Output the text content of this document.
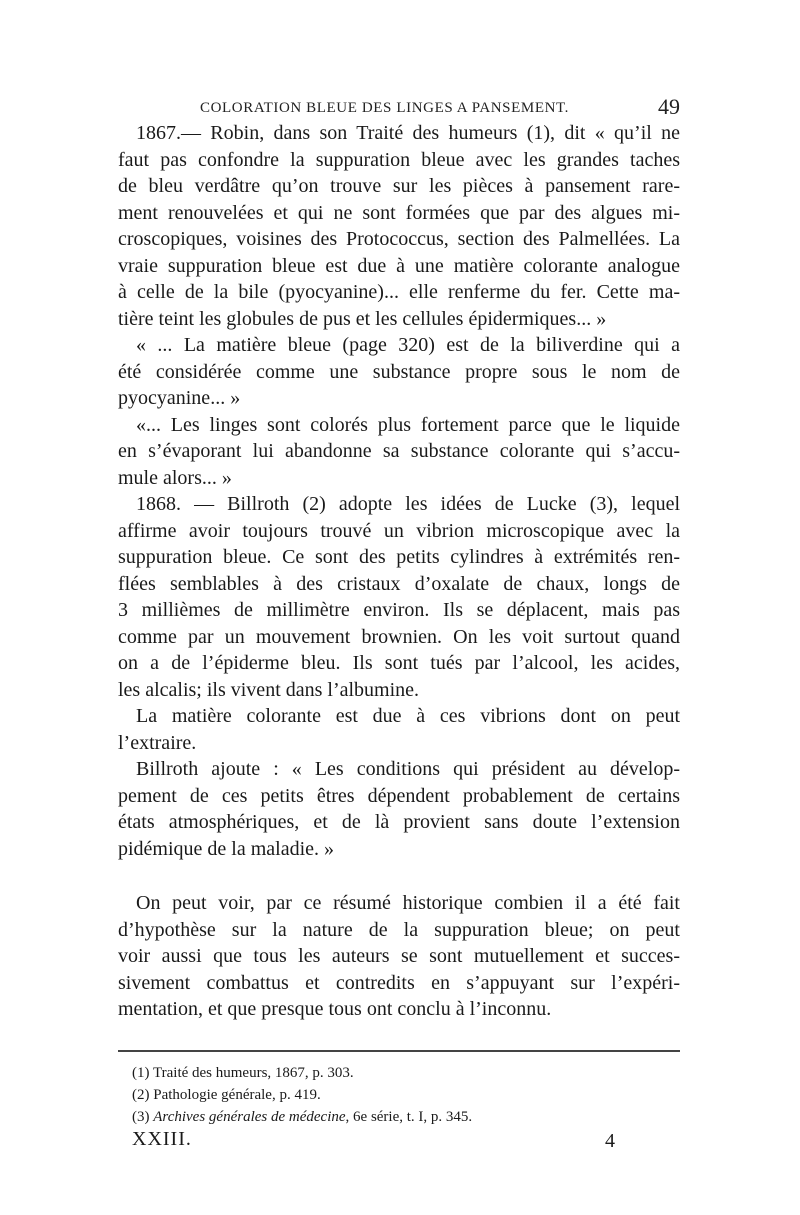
COLORATION BLEUE DES LINGES A PANSEMENT.	49
1867.— Robin, dans son Traité des humeurs (1), dit « qu’il ne
faut pas confondre la suppuration bleue avec les grandes taches
de bleu verdâtre qu’on trouve sur les pièces à pansement rare-
ment renouvelées et qui ne sont formées que par des algues mi-
croscopiques, voisines des Protococcus, section des Palmellées. La
vraie suppuration bleue est due à une matière colorante analogue
à celle de la bile (pyocyanine)... elle renferme du fer. Cette ma-
tière teint les globules de pus et les cellules épidermiques... »
« ... La matière bleue (page 320) est de la biliverdine qui a
été considérée comme une substance propre sous le nom de
pyocyanine... »
«... Les linges sont colorés plus fortement parce que le liquide
en s’évaporant lui abandonne sa substance colorante qui s’accu-
mule alors... »
1868. — Billroth (2) adopte les idées de Lucke (3), lequel
affirme avoir toujours trouvé un vibrion microscopique avec la
suppuration bleue. Ce sont des petits cylindres à extrémités ren-
flées semblables à des cristaux d’oxalate de chaux, longs de
3 millièmes de millimètre environ. Ils se déplacent, mais pas
comme par un mouvement brownien. On les voit surtout quand
on a de l’épiderme bleu. Ils sont tués par l’alcool, les acides,
les alcalis; ils vivent dans l’albumine.
La matière colorante est due à ces vibrions dont on peut
l’extraire.
Billroth ajoute : « Les conditions qui président au dévelop-
pement de ces petits êtres dépendent probablement de certains
états atmosphériques, et de là provient sans doute l’extension
pidémique de la maladie. »
On peut voir, par ce résumé historique combien il a été fait
d’hypothèse sur la nature de la suppuration bleue; on peut
voir aussi que tous les auteurs se sont mutuellement et succes-
sivement combattus et contredits en s’appuyant sur l’expéri-
mentation, et que presque tous ont conclu à l’inconnu.
(1) Traité des humeurs, 1867, p. 303.
(2) Pathologie générale, p. 419.
(3) Archives générales de médecine, 6e série, t. I, p. 345.
XXIII.	4
